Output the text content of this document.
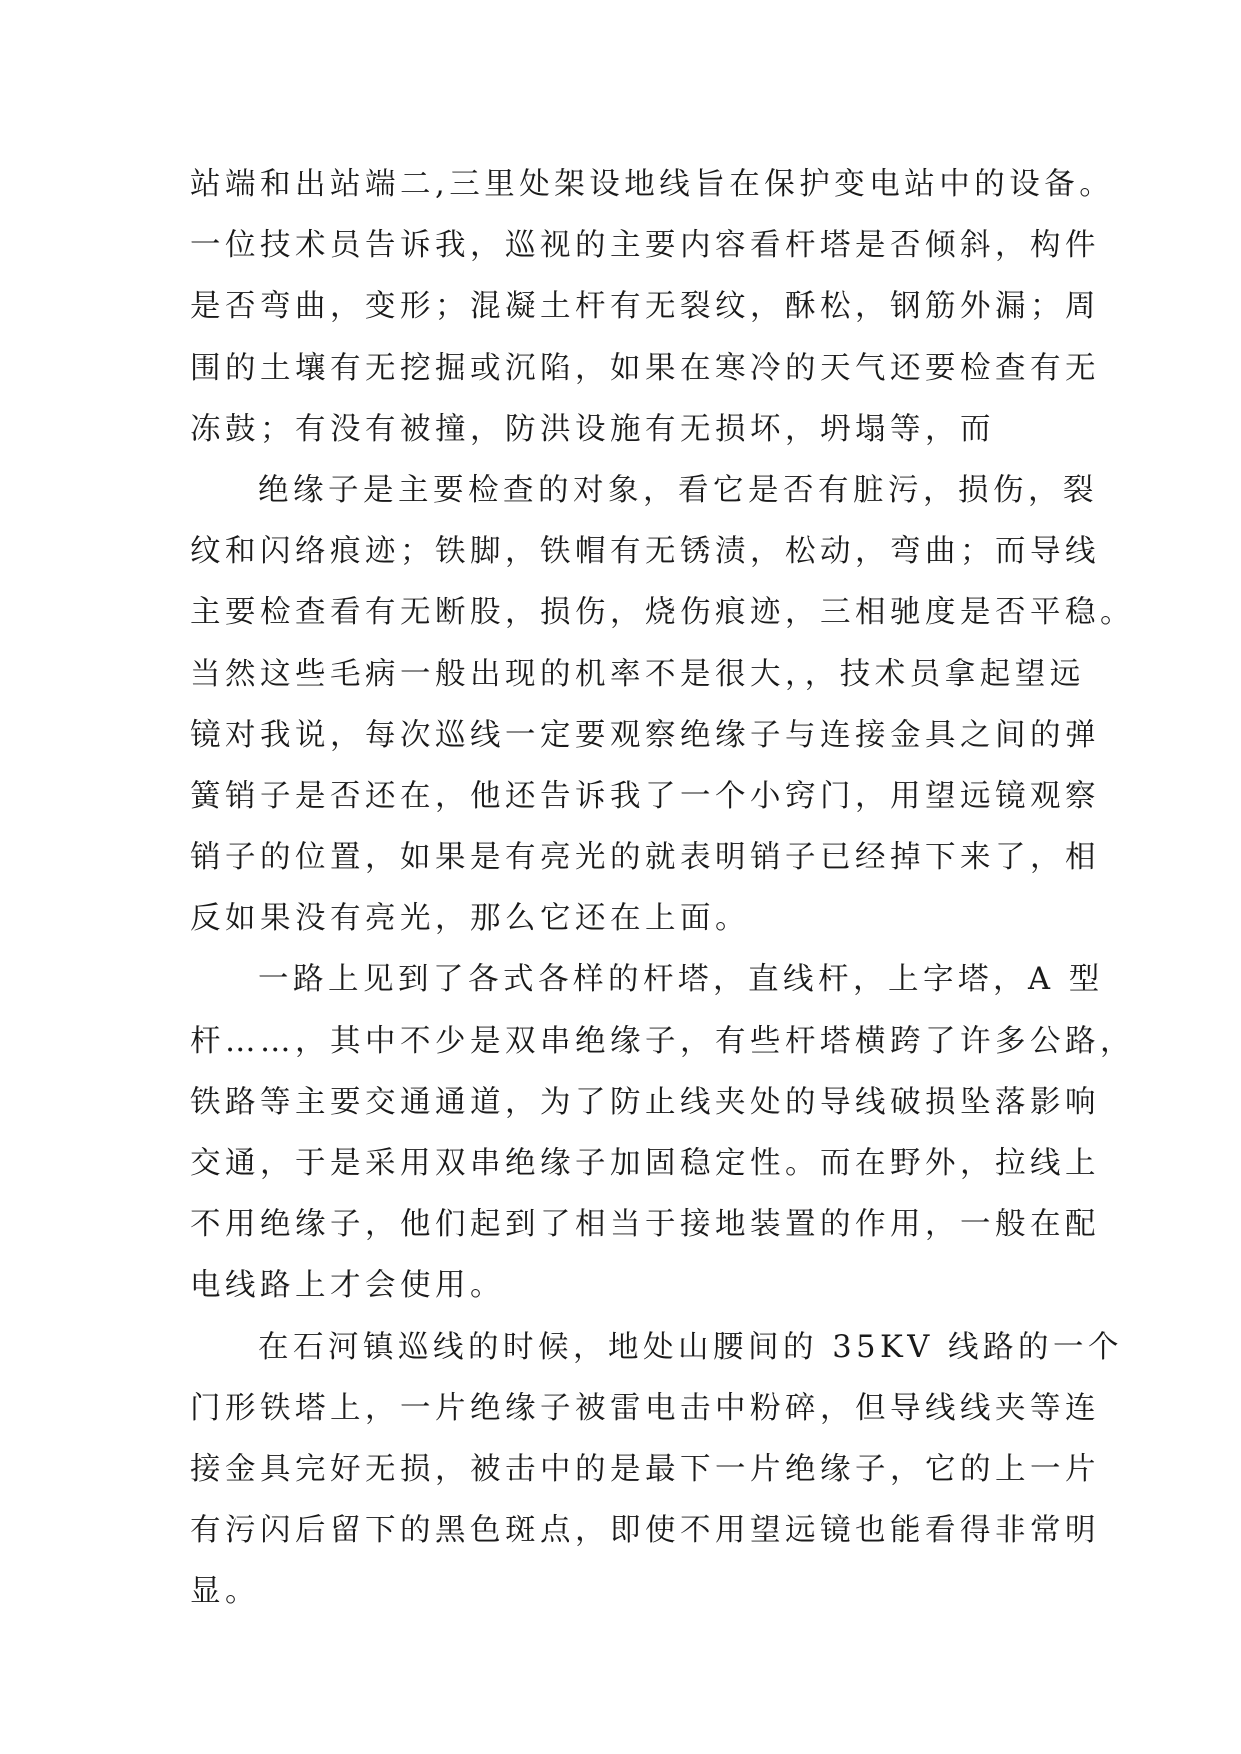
站端和出站端二,三里处架设地线旨在保护变电站中的设备。
一位技术员告诉我，巡视的主要内容看杆塔是否倾斜，构件
是否弯曲，变形；混凝土杆有无裂纹，酥松，钢筋外漏；周
围的土壤有无挖掘或沉陷，如果在寒冷的天气还要检查有无
冻鼓；有没有被撞，防洪设施有无损坏，坍塌等，而
绝缘子是主要检查的对象，看它是否有脏污，损伤，裂
纹和闪络痕迹；铁脚，铁帽有无锈渍，松动，弯曲；而导线
主要检查看有无断股，损伤，烧伤痕迹，三相驰度是否平稳。
当然这些毛病一般出现的机率不是很大，，技术员拿起望远
镜对我说，每次巡线一定要观察绝缘子与连接金具之间的弹
簧销子是否还在，他还告诉我了一个小窍门，用望远镜观察
销子的位置，如果是有亮光的就表明销子已经掉下来了，相
反如果没有亮光，那么它还在上面。
一路上见到了各式各样的杆塔，直线杆，上字塔，A 型
杆……，其中不少是双串绝缘子，有些杆塔横跨了许多公路，
铁路等主要交通通道，为了防止线夹处的导线破损坠落影响
交通，于是采用双串绝缘子加固稳定性。而在野外，拉线上
不用绝缘子，他们起到了相当于接地装置的作用，一般在配
电线路上才会使用。
在石河镇巡线的时候，地处山腰间的 35KV 线路的一个
门形铁塔上，一片绝缘子被雷电击中粉碎，但导线线夹等连
接金具完好无损，被击中的是最下一片绝缘子，它的上一片
有污闪后留下的黑色斑点，即使不用望远镜也能看得非常明
显。
